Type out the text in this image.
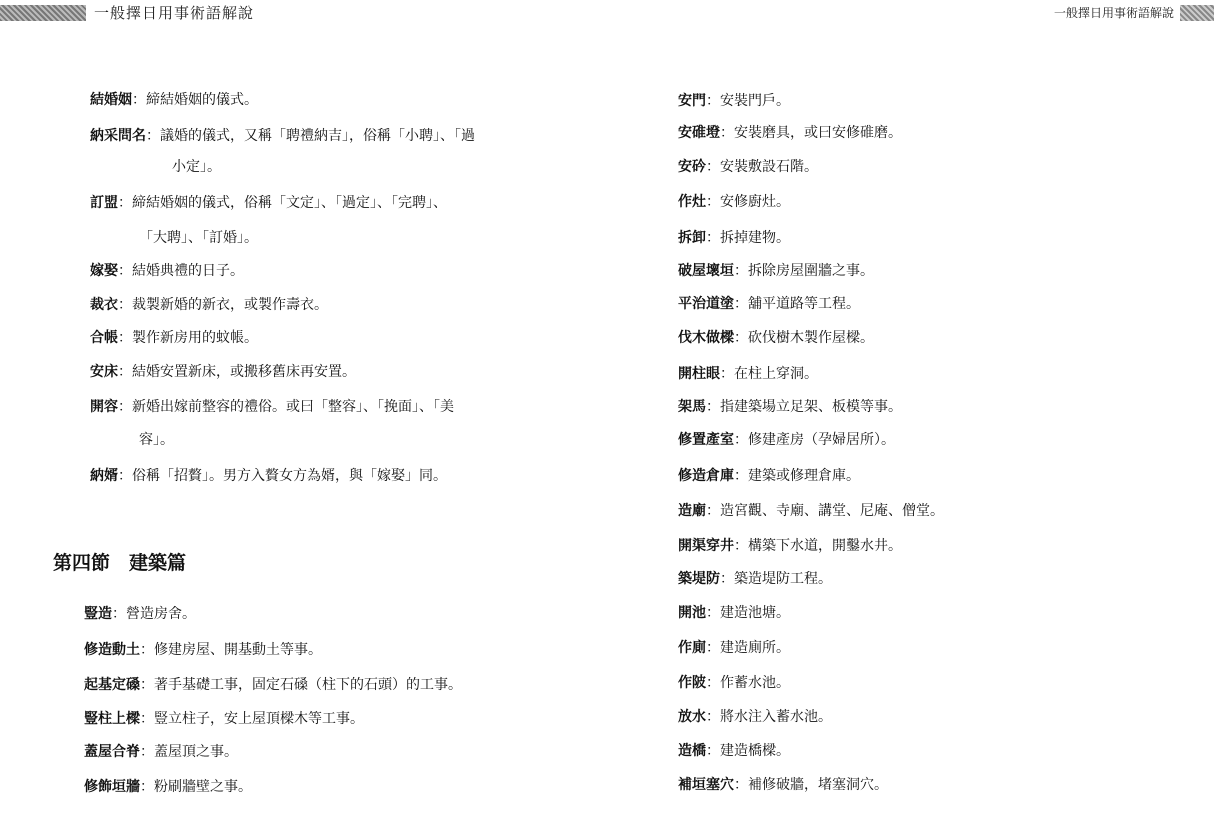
一般擇日用事術語解說	一般擇日用事術語解說
結婚姻：締結婚姻的儀式。
納采問名：議婚的儀式，又稱「聘禮納吉」，俗稱「小聘」、「過
小定」。
訂盟：締結婚姻的儀式，俗稱「文定」、「過定」、「完聘」、
「大聘」、「訂婚」。
嫁娶：結婚典禮的日子。
裁衣：裁製新婚的新衣，或製作壽衣。
合帳：製作新房用的蚊帳。
安床：結婚安置新床，或搬移舊床再安置。
開容：新婚出嫁前整容的禮俗。或曰「整容」、「挽面」、「美
容」。
納婿：俗稱「招贅」。男方入贅女方為婿，與「嫁娶」同。
第四節　建築篇
豎造：營造房舍。
修造動土：修建房屋、開基動土等事。
起基定磉：著手基礎工事，固定石磉（柱下的石頭）的工事。
豎柱上樑：豎立柱子，安上屋頂樑木等工事。
蓋屋合脊：蓋屋頂之事。
修飾垣牆：粉刷牆壁之事。
安門：安裝門戶。
安碓墱：安裝磨具，或曰安修碓磨。
安砛：安裝敷設石階。
作灶：安修廚灶。
拆卸：拆掉建物。
破屋壞垣：拆除房屋圍牆之事。
平治道塗：舖平道路等工程。
伐木做樑：砍伐樹木製作屋樑。
開柱眼：在柱上穿洞。
架馬：指建築場立足架、板模等事。
修置產室：修建產房（孕婦居所）。
修造倉庫：建築或修理倉庫。
造廟：造宮觀、寺廟、講堂、尼庵、僧堂。
開渠穿井：構築下水道，開鑿水井。
築堤防：築造堤防工程。
開池：建造池塘。
作廁：建造廁所。
作陂：作蓄水池。
放水：將水注入蓄水池。
造橋：建造橋樑。
補垣塞穴：補修破牆，堵塞洞穴。
